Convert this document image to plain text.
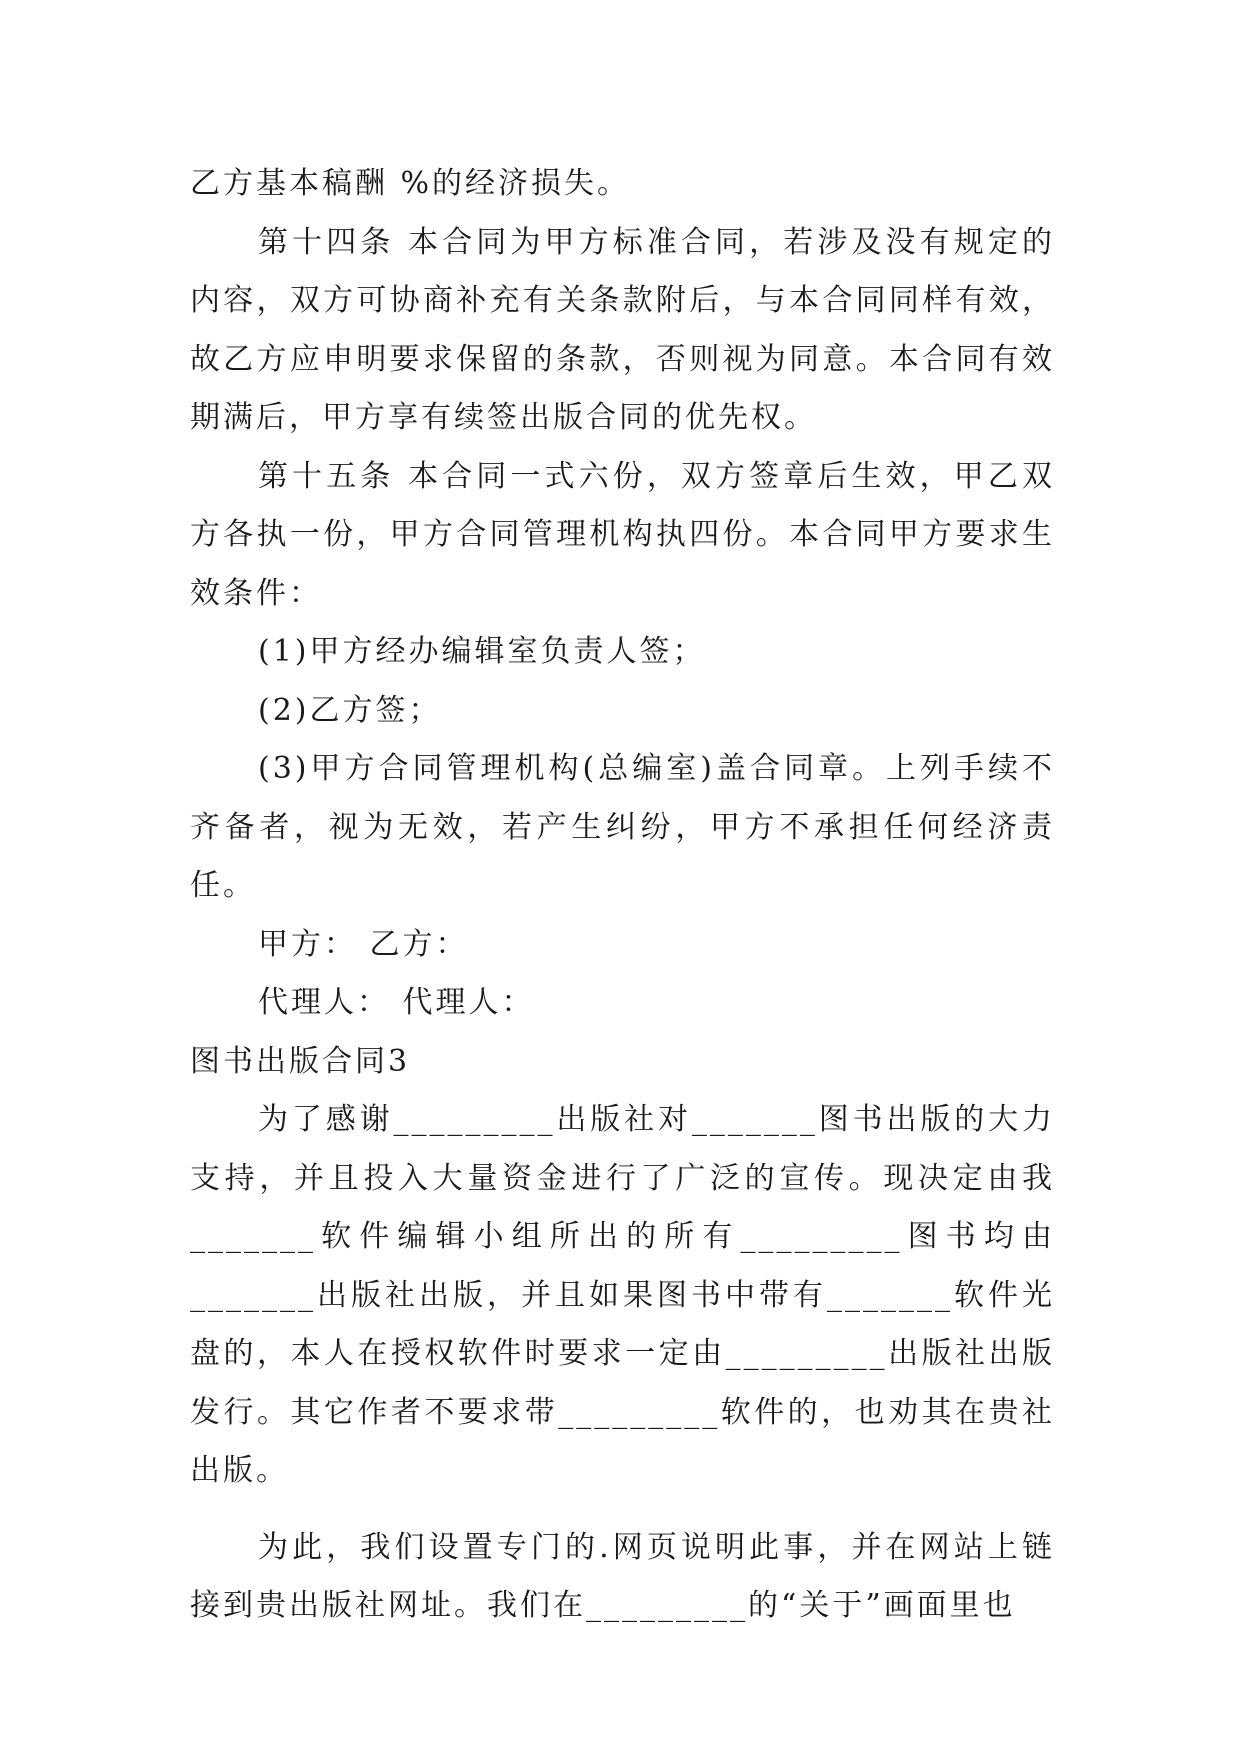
乙方基本稿酬 %的经济损失。

第十四条 本合同为甲方标准合同，若涉及没有规定的内容，双方可协商补充有关条款附后，与本合同同样有效，故乙方应申明要求保留的条款，否则视为同意。本合同有效期满后，甲方享有续签出版合同的优先权。

第十五条 本合同一式六份，双方签章后生效，甲乙双方各执一份，甲方合同管理机构执四份。本合同甲方要求生效条件：

(1)甲方经办编辑室负责人签；

(2)乙方签；

(3)甲方合同管理机构(总编室)盖合同章。上列手续不齐备者，视为无效，若产生纠纷，甲方不承担任何经济责任。

甲方： 乙方：

代理人： 代理人：

图书出版合同3

为了感谢_________出版社对_______图书出版的大力支持，并且投入大量资金进行了广泛的宣传。现决定由我_______软件编辑小组所出的所有_________图书均由_______出版社出版，并且如果图书中带有_______软件光盘的，本人在授权软件时要求一定由_________出版社出版发行。其它作者不要求带_________软件的，也劝其在贵社出版。

为此，我们设置专门的.网页说明此事，并在网站上链接到贵出版社网址。我们在_________的“关于”画面里也
